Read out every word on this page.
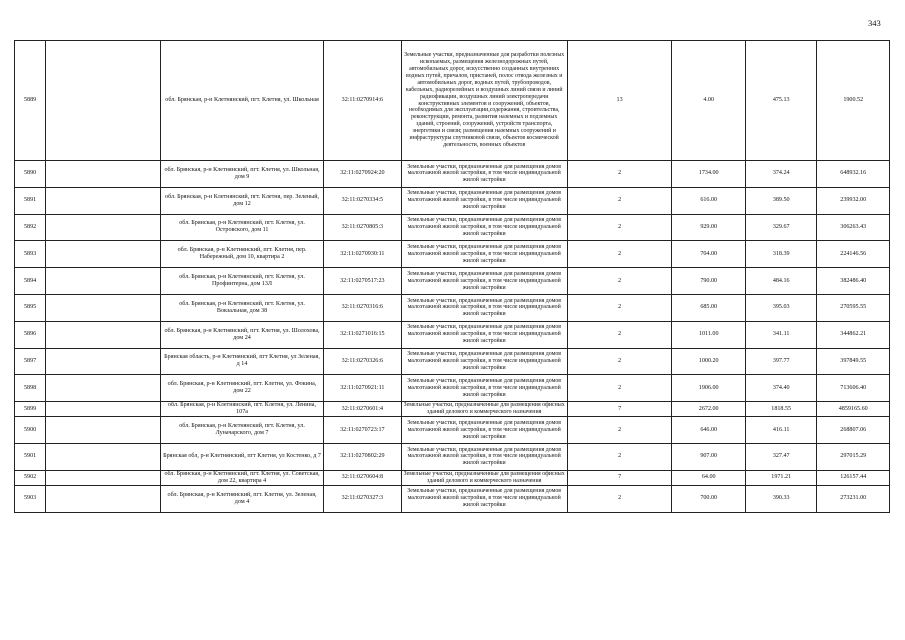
343
5889		обл. Брянская, р-н Клетнянский, пгт. Клетня, ул. Школьная	32:11:0270914:6	Земельные участки, предназначенные для разработки полезных ископаемых, размещения железнодорожных путей, автомобильных дорог, искусственно созданных внутренних водных путей, причалов, пристаней, полос отвода железных и автомобильных дорог, водных путей, трубопроводов, кабельных, радиорелейных и воздушных линий связи и линий радиофикации, воздушных линий электропередачи конструктивных элементов и сооружений, объектов, необходимых для эксплуатации,содержания, строительства, реконструкции, ремонта, развития наземных и подземных зданий, строений, сооружений, устройств транспорта, энергетики и связи; размещения наземных сооружений и инфраструктуры спутниковой связи, объектов космической деятельности, военных объектов	13	4.00	475.13	1900.52
5890		обл. Брянская, р-н Клетнянский, пгт. Клетня, ул. Школьная, дом 9	32:11:0270924:20	Земельные участки, предназначенные для размещения домов малоэтажной жилой застройки, в том числе индивидуальной жилой застройки	2	1734.00	374.24	648932.16
5891		обл. Брянская, р-н Клетнянский, пгт. Клетня, пер. Зеленый, дом 12	32:11:0270334:5	Земельные участки, предназначенные для размещения домов малоэтажной жилой застройки, в том числе индивидуальной жилой застройки	2	616.00	389.50	239932.00
5892		обл. Брянская, р-н Клетнянский, пгт. Клетня, ул. Островского, дом 11	32:11:0270805:3	Земельные участки, предназначенные для размещения домов малоэтажной жилой застройки, в том числе индивидуальной жилой застройки	2	929.00	329.67	306263.43
5893		обл. Брянская, р-н Клетнянский, пгт. Клетня, пер. Набережный, дом 10, квартира 2	32:11:0270930:11	Земельные участки, предназначенные для размещения домов малоэтажной жилой застройки, в том числе индивидуальной жилой застройки	2	704.00	318.39	224146.56
5894		обл. Брянская, р-н Клетнянский, пгт. Клетня, ул. Профинтерна, дом 13Л	32:11:0270517:23	Земельные участки, предназначенные для размещения домов малоэтажной жилой застройки, в том числе индивидуальной жилой застройки	2	790.00	484.16	382486.40
5895		обл. Брянская, р-н Клетнянский, пгт. Клетня, ул. Вокзальная, дом 38	32:11:0270316:6	Земельные участки, предназначенные для размещения домов малоэтажной жилой застройки, в том числе индивидуальной жилой застройки	2	685.00	395.03	270595.55
5896		обл. Брянская, р-н Клетнянский, пгт. Клетня, ул. Шолохова, дом 24	32:11:0271016:15	Земельные участки, предназначенные для размещения домов малоэтажной жилой застройки, в том числе индивидуальной жилой застройки	2	1011.00	341.11	344862.21
5897		Брянская область, р-н Клетнянский, пгт Клетня, ул Зеленая, д 14	32:11:0270326:6	Земельные участки, предназначенные для размещения домов малоэтажной жилой застройки, в том числе индивидуальной жилой застройки	2	1000.20	397.77	397849.55
5898		обл. Брянская, р-н Клетнянский, пгт. Клетня, ул. Фокина, дом 22	32:11:0270921:11	Земельные участки, предназначенные для размещения домов малоэтажной жилой застройки, в том числе индивидуальной жилой застройки	2	1906.00	374.40	713606.40
5899		обл. Брянская, р-н Клетнянский, пгт. Клетня, ул. Ленина, 107а	32:11:0270601:4	Земельные участки, предназначенные для размещения офисных зданий делового и коммерческого назначения	7	2672.00	1818.55	4859165.60
5900		обл. Брянская, р-н Клетнянский, пгт. Клетня, ул. Луначарского, дом 7	32:11:0270723:17	Земельные участки, предназначенные для размещения домов малоэтажной жилой застройки, в том числе индивидуальной жилой застройки	2	646.00	416.11	268807.06
5901		Брянская обл, р-н Клетнянский, пгт Клетня, ул Костенко, д 7	32:11:0270802:29	Земельные участки, предназначенные для размещения домов малоэтажной жилой застройки, в том числе индивидуальной жилой застройки	2	907.00	327.47	297015.29
5902		обл. Брянская, р-н Клетнянский, пгт. Клетня, ул. Советская, дом 22, квартира 4	32:11:0270604:8	Земельные участки, предназначенные для размещения офисных зданий делового и коммерческого назначения	7	64.00	1971.21	126157.44
5903		обл. Брянская, р-н Клетнянский, пгт. Клетня, ул. Зеленая, дом 4	32:11:0270327:3	Земельные участки, предназначенные для размещения домов малоэтажной жилой застройки, в том числе индивидуальной жилой застройки	2	700.00	390.33	273231.00
